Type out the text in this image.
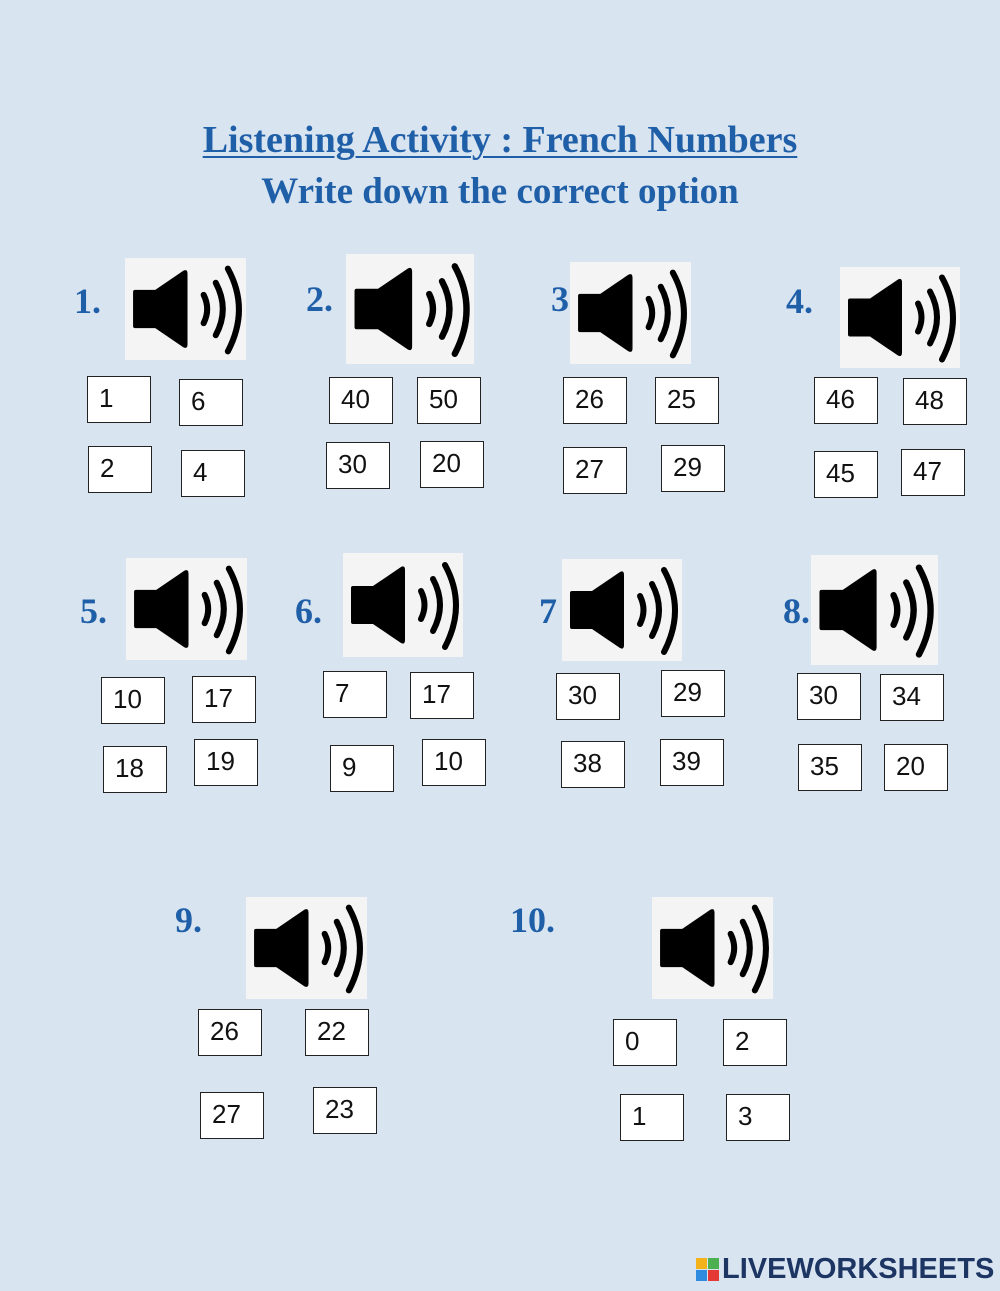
Listening Activity : French Numbers
Write down the correct option
1.
1	6
2	4
2.
40	50
30	20
3
26	25
27	29
4.
46	48
45	47
5.
10	17
18	19
6.
7	17
9	10
7
30	29
38	39
8.
30	34
35	20
9.
26	22
27	23
10.
0	2
1	3
LIVEWORKSHEETS
